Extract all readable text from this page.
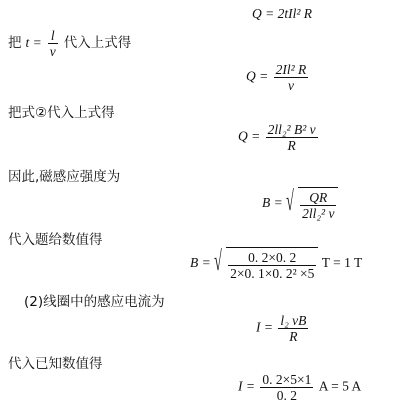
Q = 2tIl² R
把 $t = \frac{l}{v}$ 代入上式得
$Q = \frac{\text{2Il² R}}{v}$
把式②代入上式得
$Q = \frac{\text{2ll₂² B² v}}{R}$
因此,磁感应强度为
B = √ $\frac{QR}{\text{2ll₂² v}}$
代入题给数值得
B = √ $\frac{0. 2\times 0. 2}{\text{2×0. 1×0. 2² ×5}}$ T = 1 T
(2)线圈中的感应电流为
$I = \frac{\text{l₂ vB}}{R}$
代入已知数值得
$I = \frac{0. 2\times 5\times 1}{0. 2}$ A = 5 A
